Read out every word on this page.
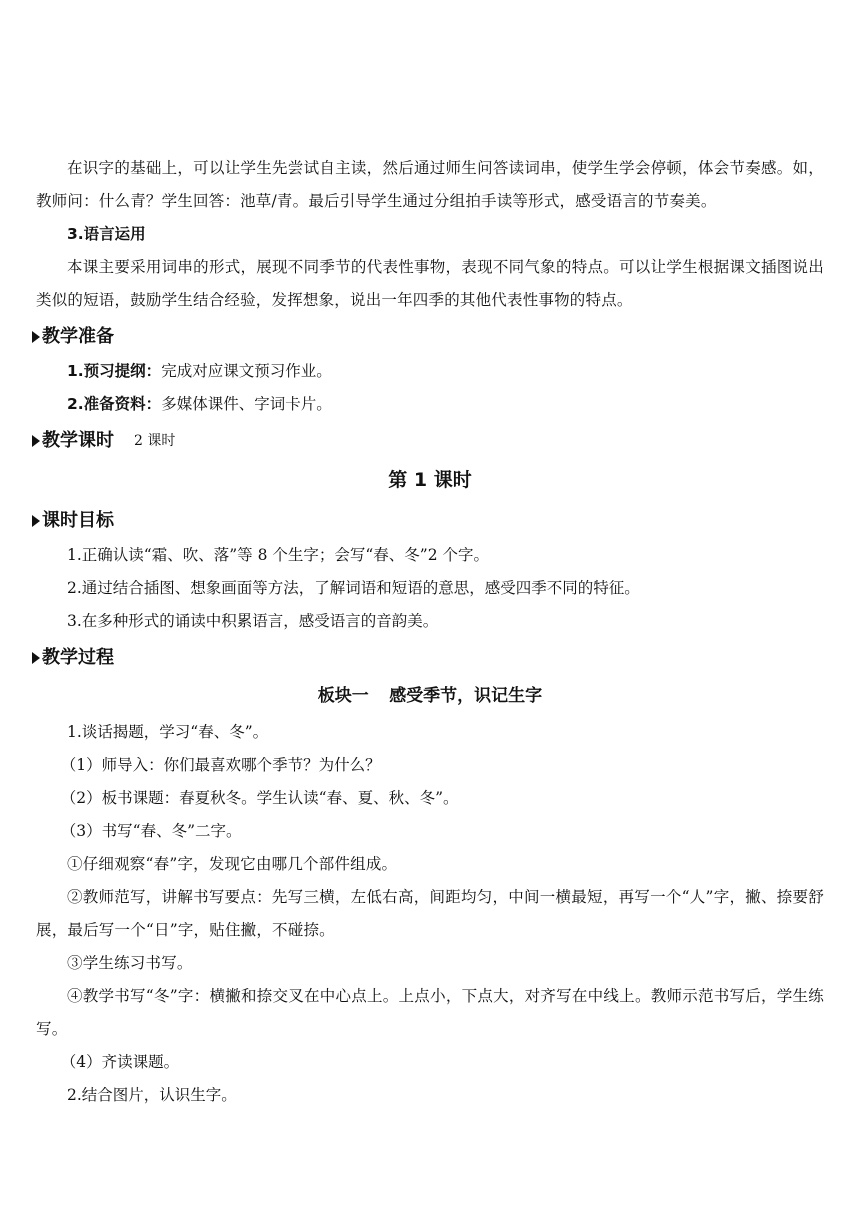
在识字的基础上，可以让学生先尝试自主读，然后通过师生问答读词串，使学生学会停顿，体会节奏感。如，教师问：什么青？学生回答：池草/青。最后引导学生通过分组拍手读等形式，感受语言的节奏美。

3.语言运用

本课主要采用词串的形式，展现不同季节的代表性事物，表现不同气象的特点。可以让学生根据课文插图说出类似的短语，鼓励学生结合经验，发挥想象，说出一年四季的其他代表性事物的特点。

教学准备

1.预习提纲：完成对应课文预习作业。

2.准备资料：多媒体课件、字词卡片。

教学课时 2 课时

第 1 课时

课时目标

1.正确认读“霜、吹、落”等 8 个生字；会写“春、冬”2 个字。

2.通过结合插图、想象画面等方法，了解词语和短语的意思，感受四季不同的特征。

3.在多种形式的诵读中积累语言，感受语言的音韵美。

教学过程

板块一 感受季节，识记生字

1.谈话揭题，学习“春、冬”。

（1）师导入：你们最喜欢哪个季节？为什么？

（2）板书课题：春夏秋冬。学生认读“春、夏、秋、冬”。

（3）书写“春、冬”二字。

①仔细观察“春”字，发现它由哪几个部件组成。

②教师范写，讲解书写要点：先写三横，左低右高，间距均匀，中间一横最短，再写一个“人”字，撇、捺要舒展，最后写一个“日”字，贴住撇，不碰捺。

③学生练习书写。

④教学书写“冬”字：横撇和捺交叉在中心点上。上点小，下点大，对齐写在中线上。教师示范书写后，学生练写。

（4）齐读课题。

2.结合图片，认识生字。
